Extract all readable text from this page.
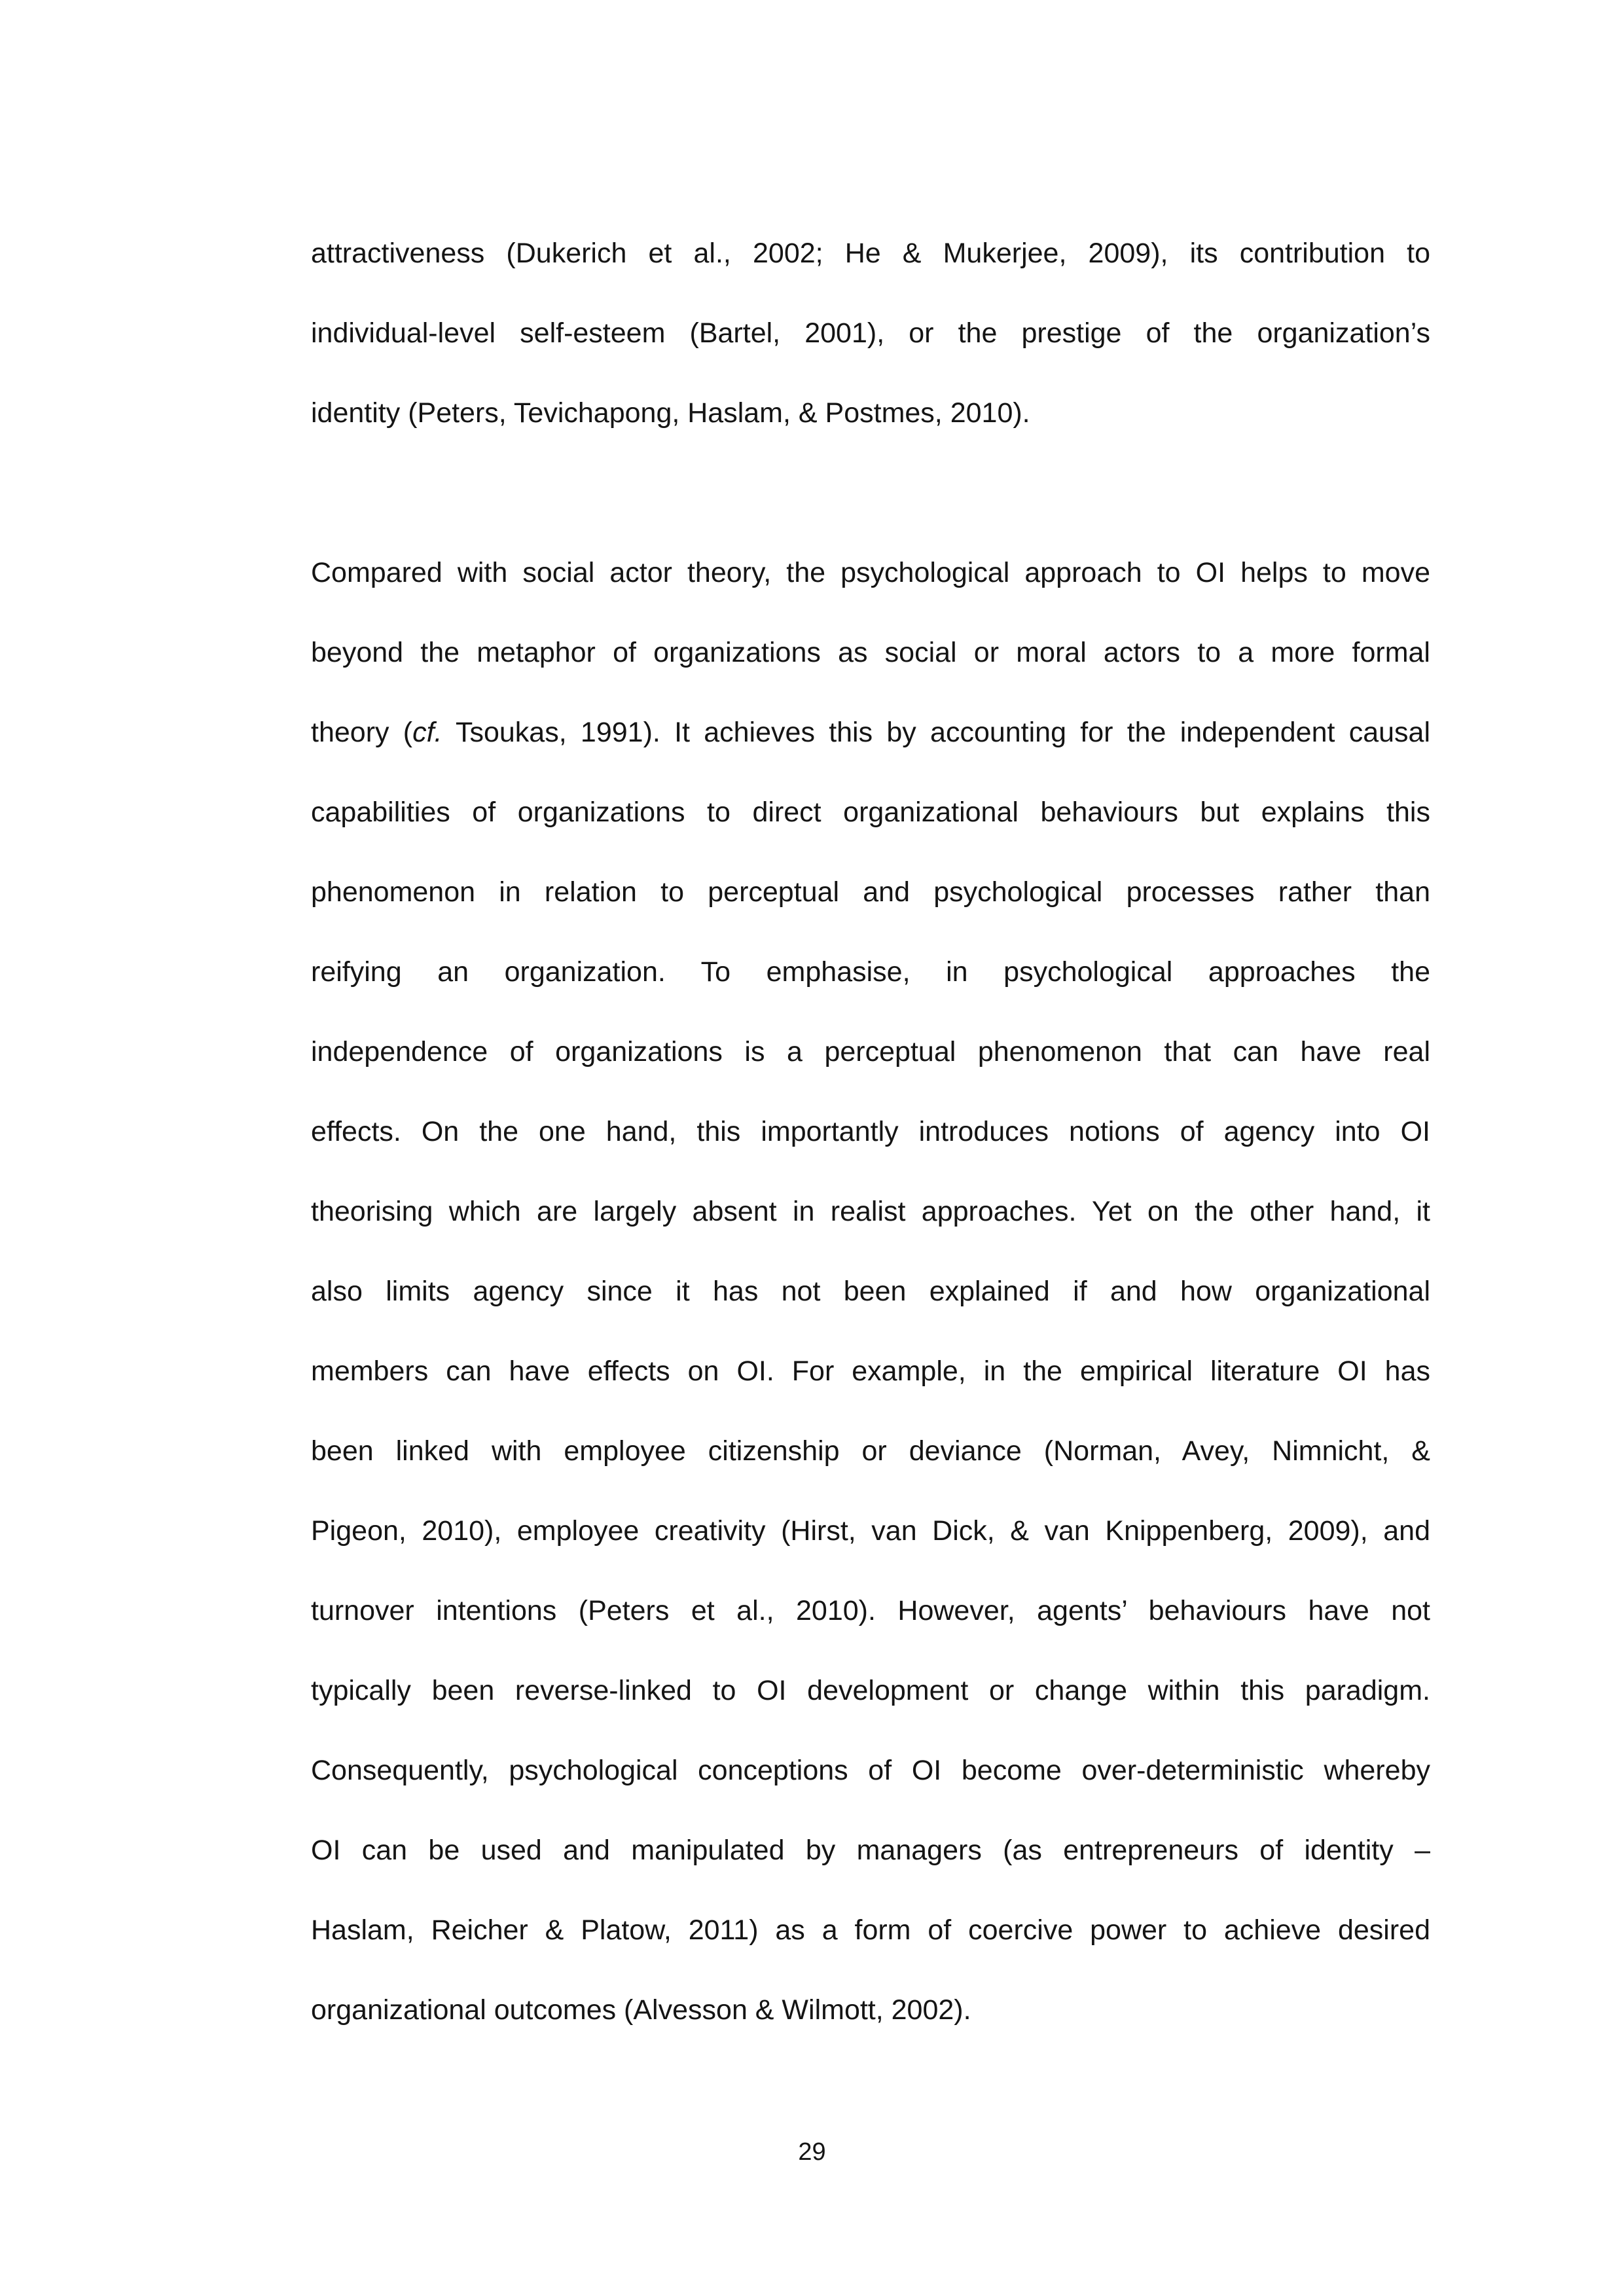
attractiveness (Dukerich et al., 2002; He & Mukerjee, 2009), its contribution to
individual-level self-esteem (Bartel, 2001), or the prestige of the organization’s
identity (Peters, Tevichapong, Haslam, & Postmes, 2010).
Compared with social actor theory, the psychological approach to OI helps to move
beyond the metaphor of organizations as social or moral actors to a more formal
theory (cf. Tsoukas, 1991). It achieves this by accounting for the independent causal
capabilities of organizations to direct organizational behaviours but explains this
phenomenon in relation to perceptual and psychological processes rather than
reifying an organization. To emphasise, in psychological approaches the
independence of organizations is a perceptual phenomenon that can have real
effects. On the one hand, this importantly introduces notions of agency into OI
theorising which are largely absent in realist approaches. Yet on the other hand, it
also limits agency since it has not been explained if and how organizational
members can have effects on OI. For example, in the empirical literature OI has
been linked with employee citizenship or deviance (Norman, Avey, Nimnicht, &
Pigeon, 2010), employee creativity (Hirst, van Dick, & van Knippenberg, 2009), and
turnover intentions (Peters et al., 2010). However, agents’ behaviours have not
typically been reverse-linked to OI development or change within this paradigm.
Consequently, psychological conceptions of OI become over-deterministic whereby
OI can be used and manipulated by managers (as entrepreneurs of identity –
Haslam, Reicher & Platow, 2011) as a form of coercive power to achieve desired
organizational outcomes (Alvesson & Wilmott, 2002).
29
